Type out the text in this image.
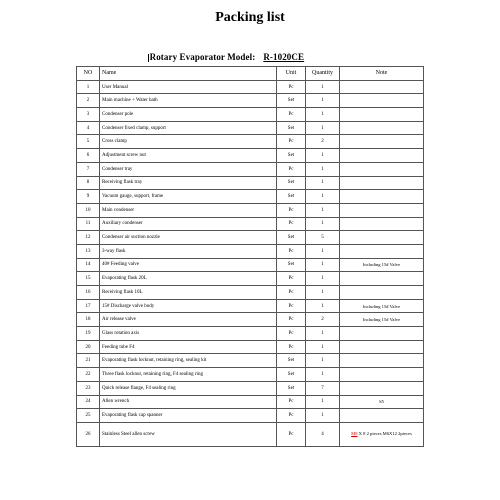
Packing list
Rotary Evaporator Model: R-1020CE
NO	Name	Unit	Quantity	Note
1	User Manual	Pc	1	
2	Main machine + Water bath	Set	1	
3	Condenser pole	Pc	1	
4	Condenser fixed clamp, support	Set	1	
5	Cross clamp	Pc	2	
6	Adjustment screw nut	Set	1	
7	Condenser tray	Pc	1	
8	Receiving flask tray	Set	1	
9	Vacuum gauge, support, frame	Set	1	
10	Main condenser	Pc	1	
11	Auxiliary condenser	Pc	1	
12	Condenser air suction nozzle	Set	5	
13	3-way flask	Pc	1	
14	40# Feeding valve	Set	1	Including 15# Valve
15	Evaporating flask 20L	Pc	1	
16	Receiving flask 10L	Pc	1	
17	15# Discharge valve body	Pc	1	Including 15# Valve
18	Air release valve	Pc	2	Including 15# Valve
19	Glass rotation axis	Pc	1	
20	Feeding tube F4	Pc	1	
21	Evaporating flask locknut, retaining ring, sealing kit	Set	1	
22	Three flask locknut, retaining ring, F4 sealing ring	Set	1	
23	Quick release flange, F4 sealing ring	Set	7	
24	Allen wrench	Pc	1	S5
25	Evaporating flask cap spanner	Pc	1	
26	Stainless Steel allen screw	Pc	4	M8 X 8 2 pieces M6X12 2pieces
